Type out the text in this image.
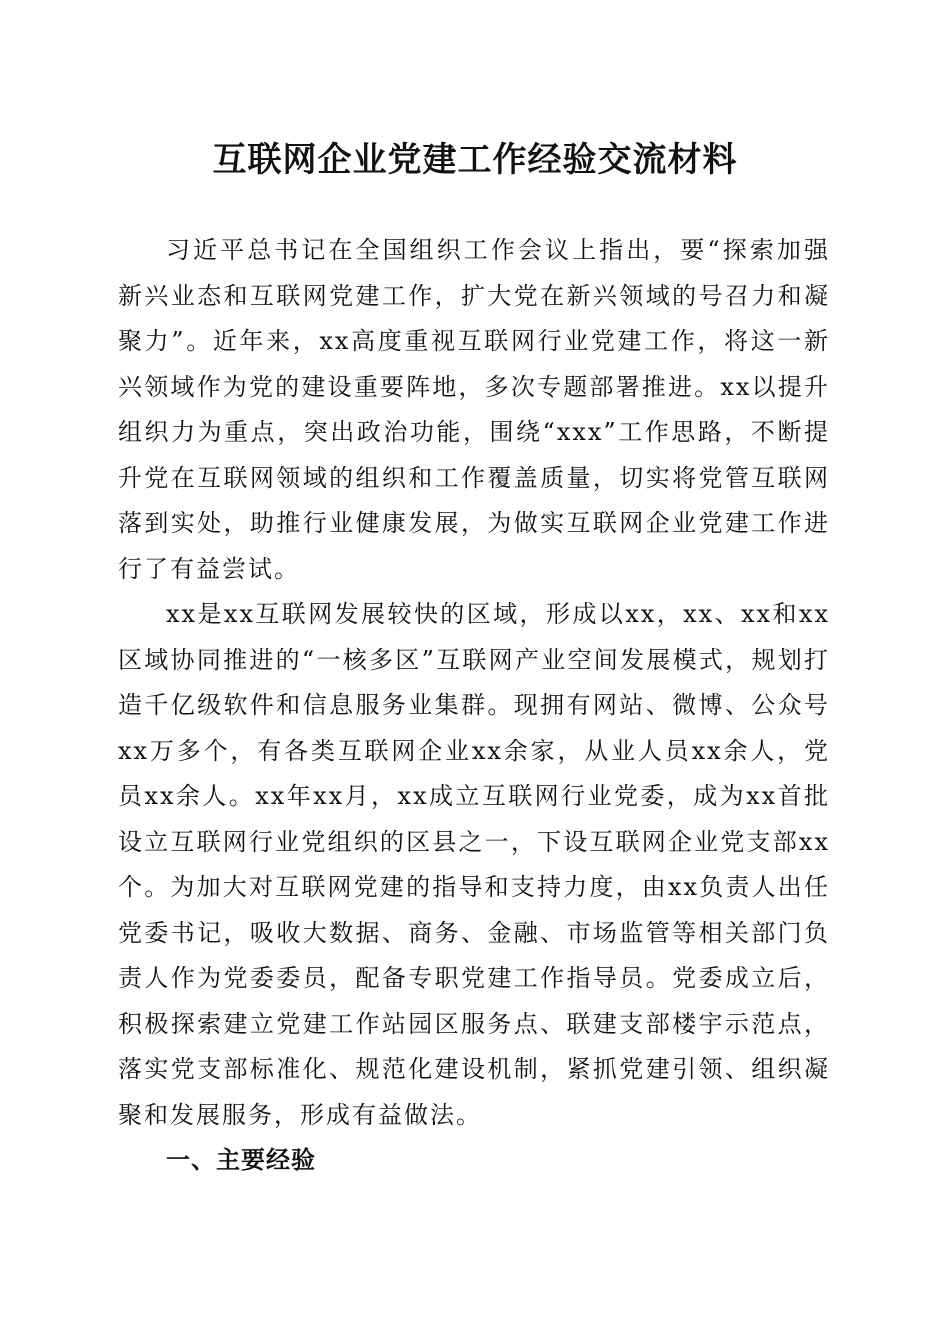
互联网企业党建工作经验交流材料

习近平总书记在全国组织工作会议上指出，要“探索加强新兴业态和互联网党建工作，扩大党在新兴领域的号召力和凝聚力”。近年来，xx高度重视互联网行业党建工作，将这一新兴领域作为党的建设重要阵地，多次专题部署推进。xx以提升组织力为重点，突出政治功能，围绕“xxx”工作思路，不断提升党在互联网领域的组织和工作覆盖质量，切实将党管互联网落到实处，助推行业健康发展，为做实互联网企业党建工作进行了有益尝试。

xx是xx互联网发展较快的区域，形成以xx，xx、xx和xx区域协同推进的“一核多区”互联网产业空间发展模式，规划打造千亿级软件和信息服务业集群。现拥有网站、微博、公众号xx万多个，有各类互联网企业xx余家，从业人员xx余人，党员xx余人。xx年xx月，xx成立互联网行业党委，成为xx首批设立互联网行业党组织的区县之一，下设互联网企业党支部xx个。为加大对互联网党建的指导和支持力度，由xx负责人出任党委书记，吸收大数据、商务、金融、市场监管等相关部门负责人作为党委委员，配备专职党建工作指导员。党委成立后，积极探索建立党建工作站园区服务点、联建支部楼宇示范点，落实党支部标准化、规范化建设机制，紧抓党建引领、组织凝聚和发展服务，形成有益做法。

一、主要经验
